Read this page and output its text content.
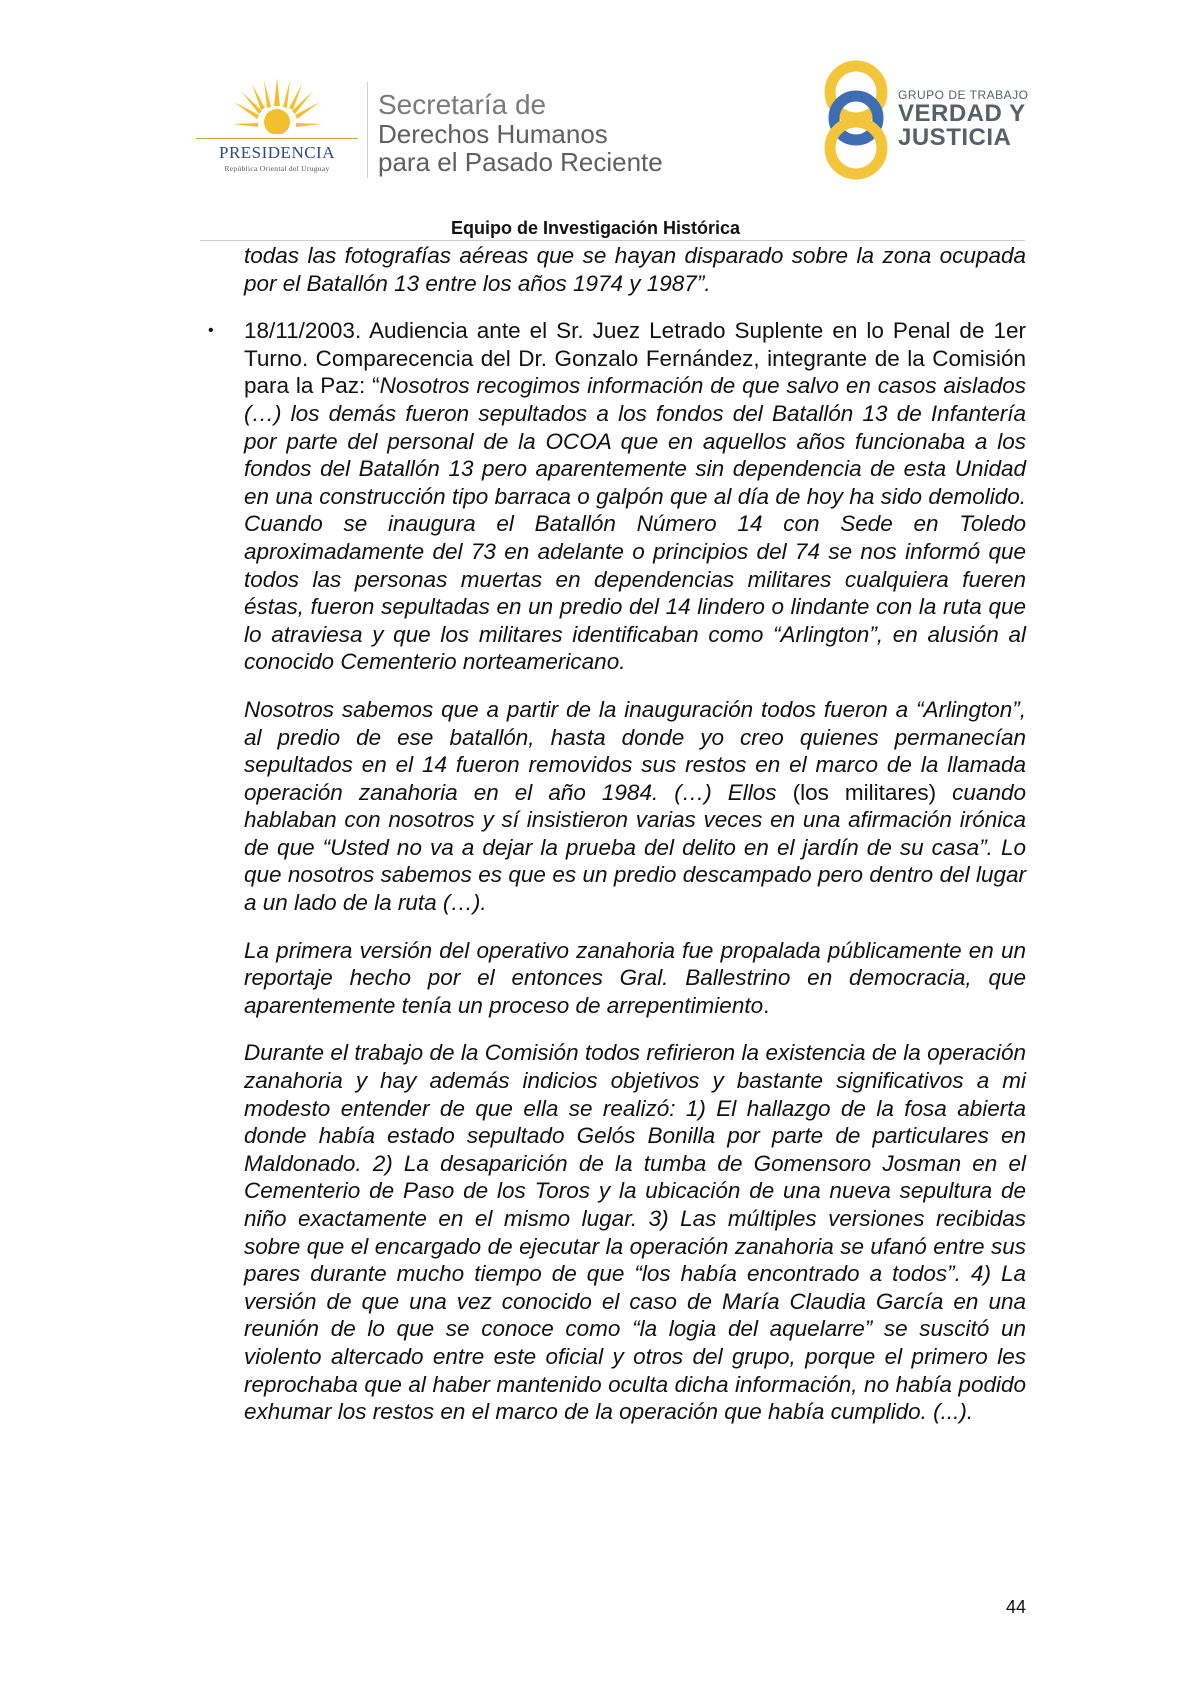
PRESIDENCIA
República Oriental del Uruguay
Secretaría de
Derechos Humanos
para el Pasado Reciente
GRUPO DE TRABAJO
VERDAD Y
JUSTICIA
Equipo de Investigación Histórica

todas las fotografías aéreas que se hayan disparado sobre la zona ocupada por el Batallón 13 entre los años 1974 y 1987”.

• 18/11/2003. Audiencia ante el Sr. Juez Letrado Suplente en lo Penal de 1er Turno. Comparecencia del Dr. Gonzalo Fernández, integrante de la Comisión para la Paz: “Nosotros recogimos información de que salvo en casos aislados (…) los demás fueron sepultados a los fondos del Batallón 13 de Infantería por parte del personal de la OCOA que en aquellos años funcionaba a los fondos del Batallón 13 pero aparentemente sin dependencia de esta Unidad en una construcción tipo barraca o galpón que al día de hoy ha sido demolido. Cuando se inaugura el Batallón Número 14 con Sede en Toledo aproximadamente del 73 en adelante o principios del 74 se nos informó que todos las personas muertas en dependencias militares cualquiera fueren éstas, fueron sepultadas en un predio del 14 lindero o lindante con la ruta que lo atraviesa y que los militares identificaban como “Arlington”, en alusión al conocido Cementerio norteamericano.

Nosotros sabemos que a partir de la inauguración todos fueron a “Arlington”, al predio de ese batallón, hasta donde yo creo quienes permanecían sepultados en el 14 fueron removidos sus restos en el marco de la llamada operación zanahoria en el año 1984. (…) Ellos (los militares) cuando hablaban con nosotros y sí insistieron varias veces en una afirmación irónica de que “Usted no va a dejar la prueba del delito en el jardín de su casa”. Lo que nosotros sabemos es que es un predio descampado pero dentro del lugar a un lado de la ruta (…).

La primera versión del operativo zanahoria fue propalada públicamente en un reportaje hecho por el entonces Gral. Ballestrino en democracia, que aparentemente tenía un proceso de arrepentimiento.

Durante el trabajo de la Comisión todos refirieron la existencia de la operación zanahoria y hay además indicios objetivos y bastante significativos a mi modesto entender de que ella se realizó: 1) El hallazgo de la fosa abierta donde había estado sepultado Gelós Bonilla por parte de particulares en Maldonado. 2) La desaparición de la tumba de Gomensoro Josman en el Cementerio de Paso de los Toros y la ubicación de una nueva sepultura de niño exactamente en el mismo lugar. 3) Las múltiples versiones recibidas sobre que el encargado de ejecutar la operación zanahoria se ufanó entre sus pares durante mucho tiempo de que “los había encontrado a todos”. 4) La versión de que una vez conocido el caso de María Claudia García en una reunión de lo que se conoce como “la logia del aquelarre” se suscitó un violento altercado entre este oficial y otros del grupo, porque el primero les reprochaba que al haber mantenido oculta dicha información, no había podido exhumar los restos en el marco de la operación que había cumplido. (...).

44
